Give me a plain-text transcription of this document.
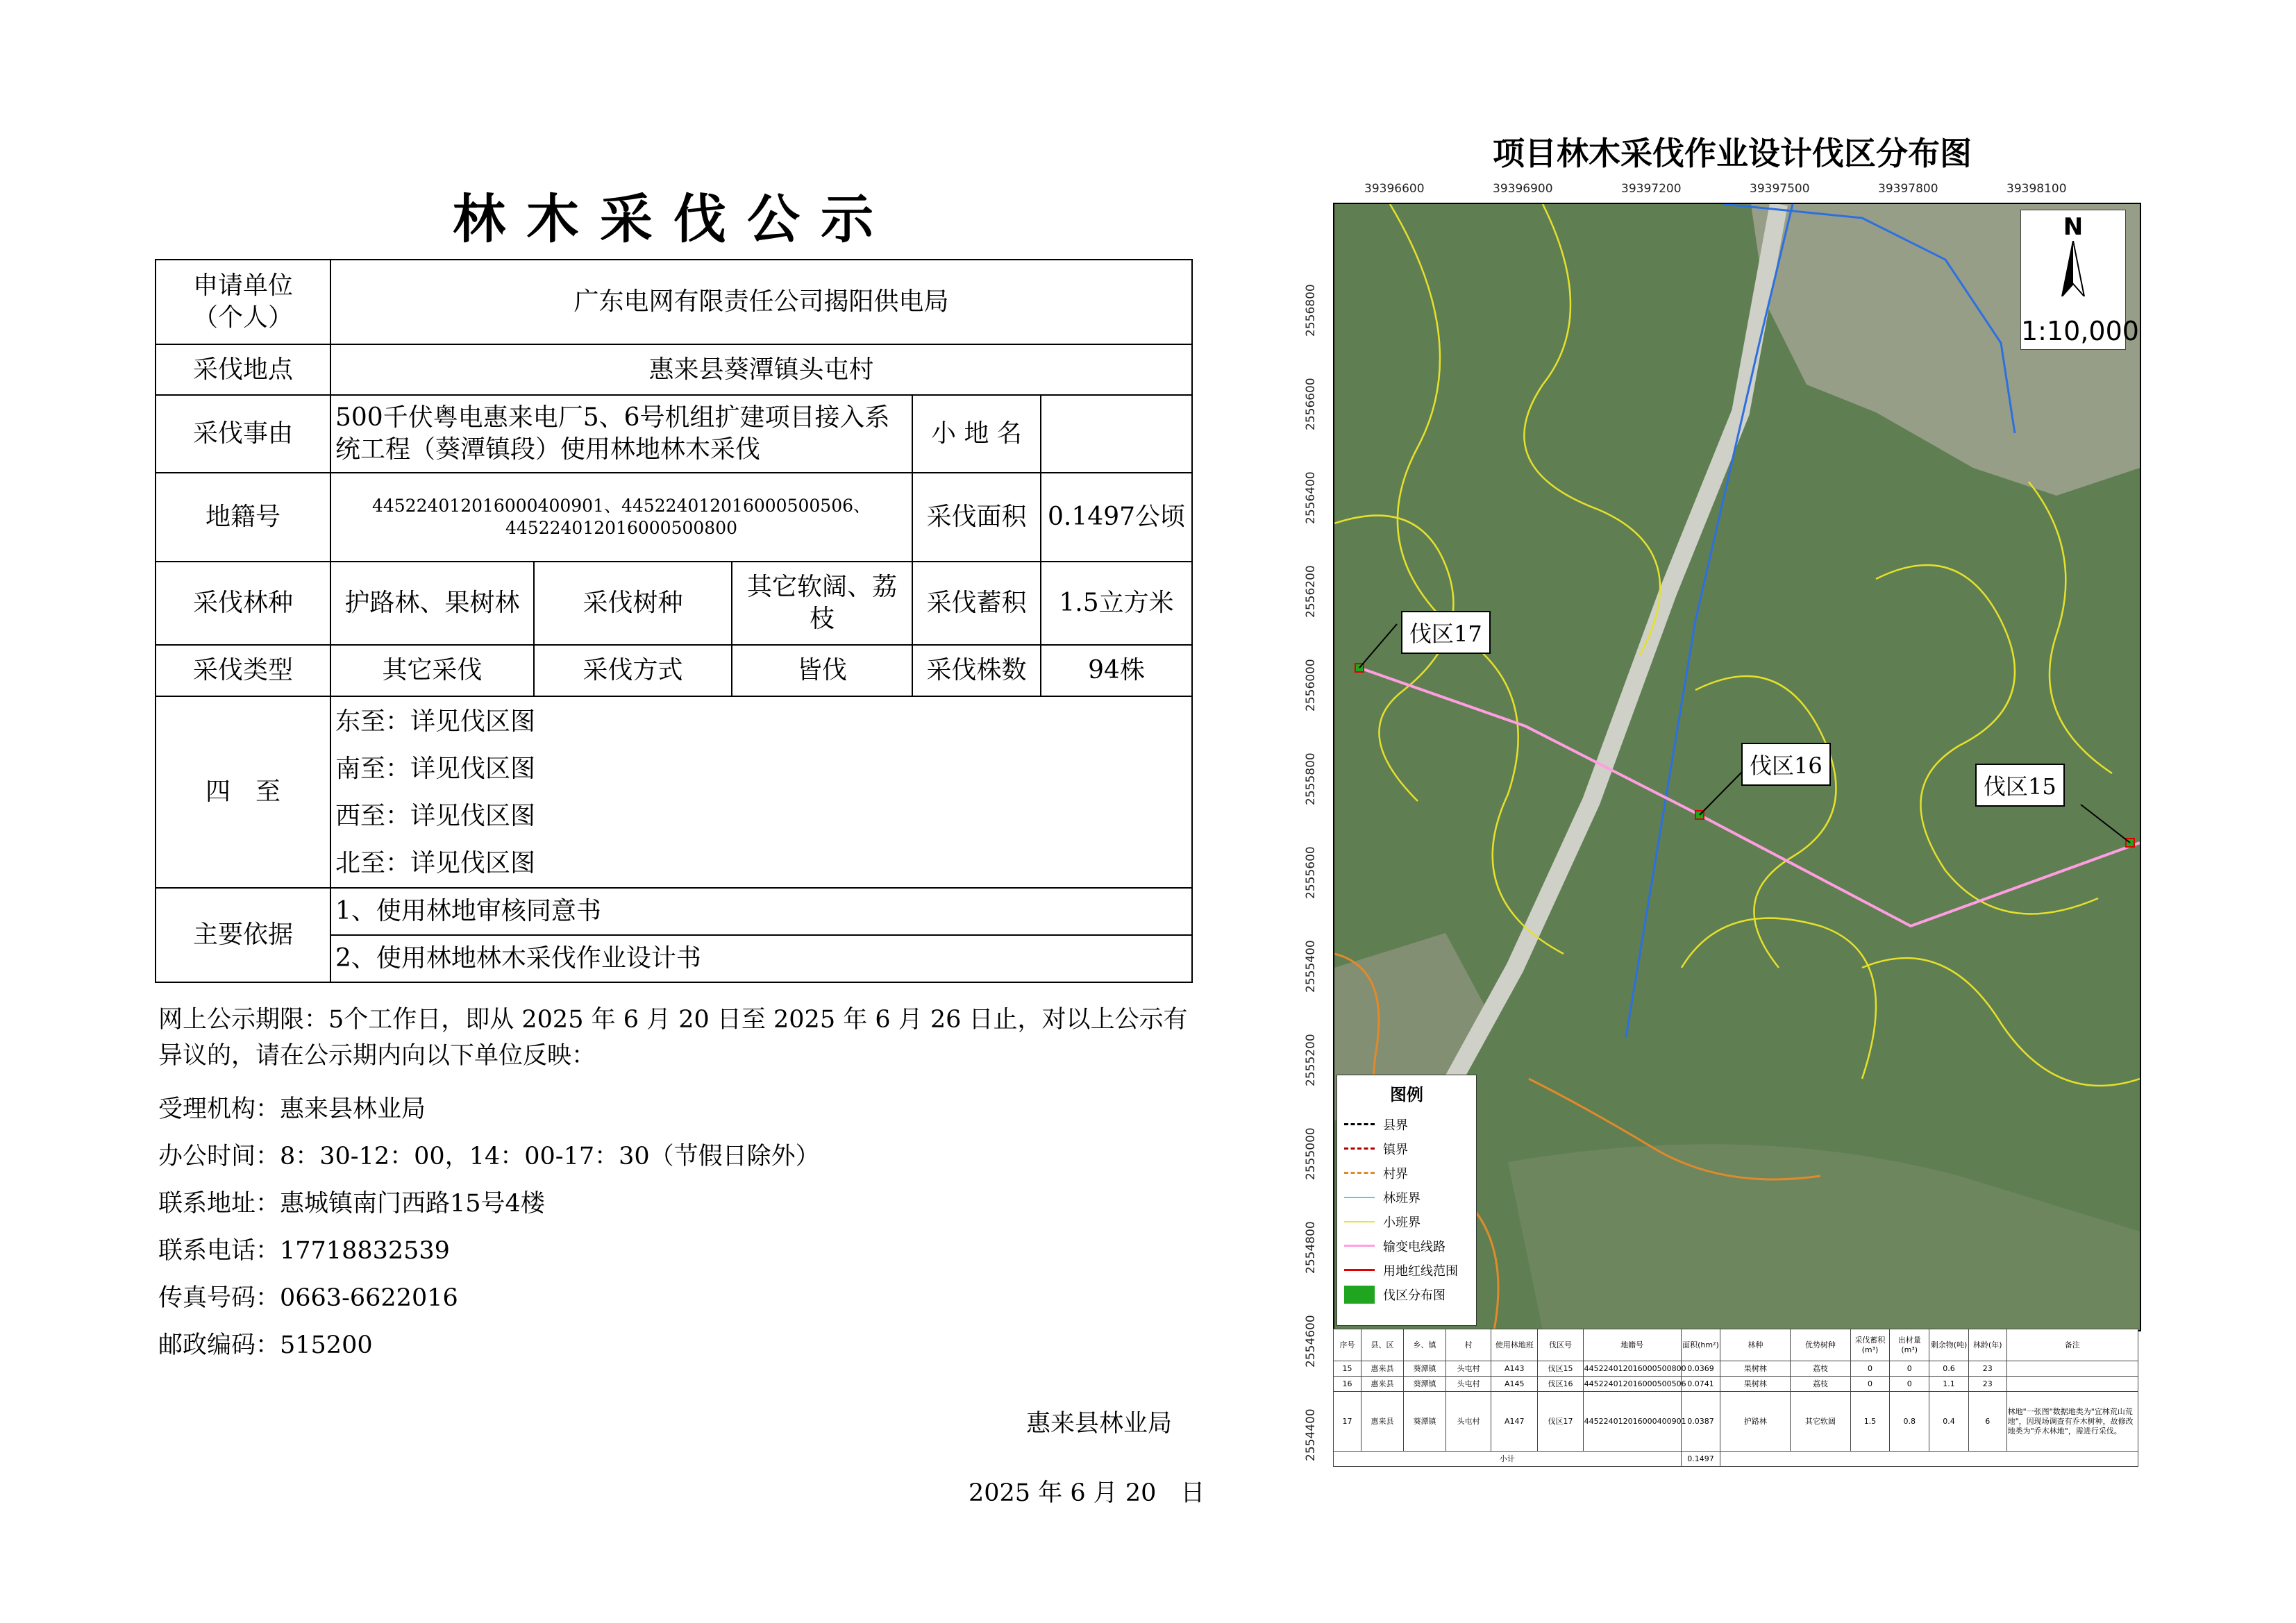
林木采伐公示
申请单位
（个人）	广东电网有限责任公司揭阳供电局				
采伐地点	惠来县葵潭镇头屯村				
采伐事由	500千伏粤电惠来电厂5、6号机组扩建项目接入系统工程（葵潭镇段）使用林地林木采伐			小 地 名	
地籍号	445224012016000400901、445224012016000500506、445224012016000500800			采伐面积	0.1497公顷
采伐林种	护路林、果树林	采伐树种	其它软阔、荔枝	采伐蓄积	1.5立方米
采伐类型	其它采伐	采伐方式	皆伐	采伐株数	94株
四　至	东至：详见伐区图
南至：详见伐区图
西至：详见伐区图
北至：详见伐区图				

主要依据	1、使用林地审核同意书				
	2、使用林地林木采伐作业设计书				
网上公示期限：5个工作日，即从 2025 年 6 月 20 日至 2025 年 6 月 26 日止，对以上公示有异议的，请在公示期内向以下单位反映：
受理机构：惠来县林业局
办公时间：8：30-12：00，14：00-17：30（节假日除外）
联系地址：惠城镇南门西路15号4楼
联系电话：17718832539
传真号码：0663-6622016
邮政编码：515200
惠来县林业局
2025 年 6 月 20　日
项目林木采伐作业设计伐区分布图
39396600	39396900	39397200	39397500	39397800	39398100
2556800
2556600
2556400
2556200
2556000
2555800
2555600
2555400
2555200
2555000
2554800
2554600
2554400
N
1:10,000
伐区17
伐区16
伐区15
图例
县界
镇界
村界
林班界
小班界
输变电线路
用地红线范围
伐区分布图
序号	县、区	乡、镇	村	使用林地班	伐区号	地籍号	面积(hm²)	林种	优势树种	采伐蓄积(m³)	出材量(m³)	剩余物(吨)	林龄(年)	备注
15	惠来县	葵潭镇	头屯村	A143	伐区15	445224012016000500800	0.0369	果树林	荔枝	0	0	0.6	23	
16	惠来县	葵潭镇	头屯村	A145	伐区16	445224012016000500506	0.0741	果树林	荔枝	0	0	1.1	23	
17	惠来县	葵潭镇	头屯村	A147	伐区17	445224012016000400901	0.0387	护路林	其它软阔	1.5	0.8	0.4	6	林地"一张图"数据地类为"宜林荒山荒地"，因现场调查有乔木树种，故修改地类为"乔木林地"，需进行采伐。
小计							0.1497							
